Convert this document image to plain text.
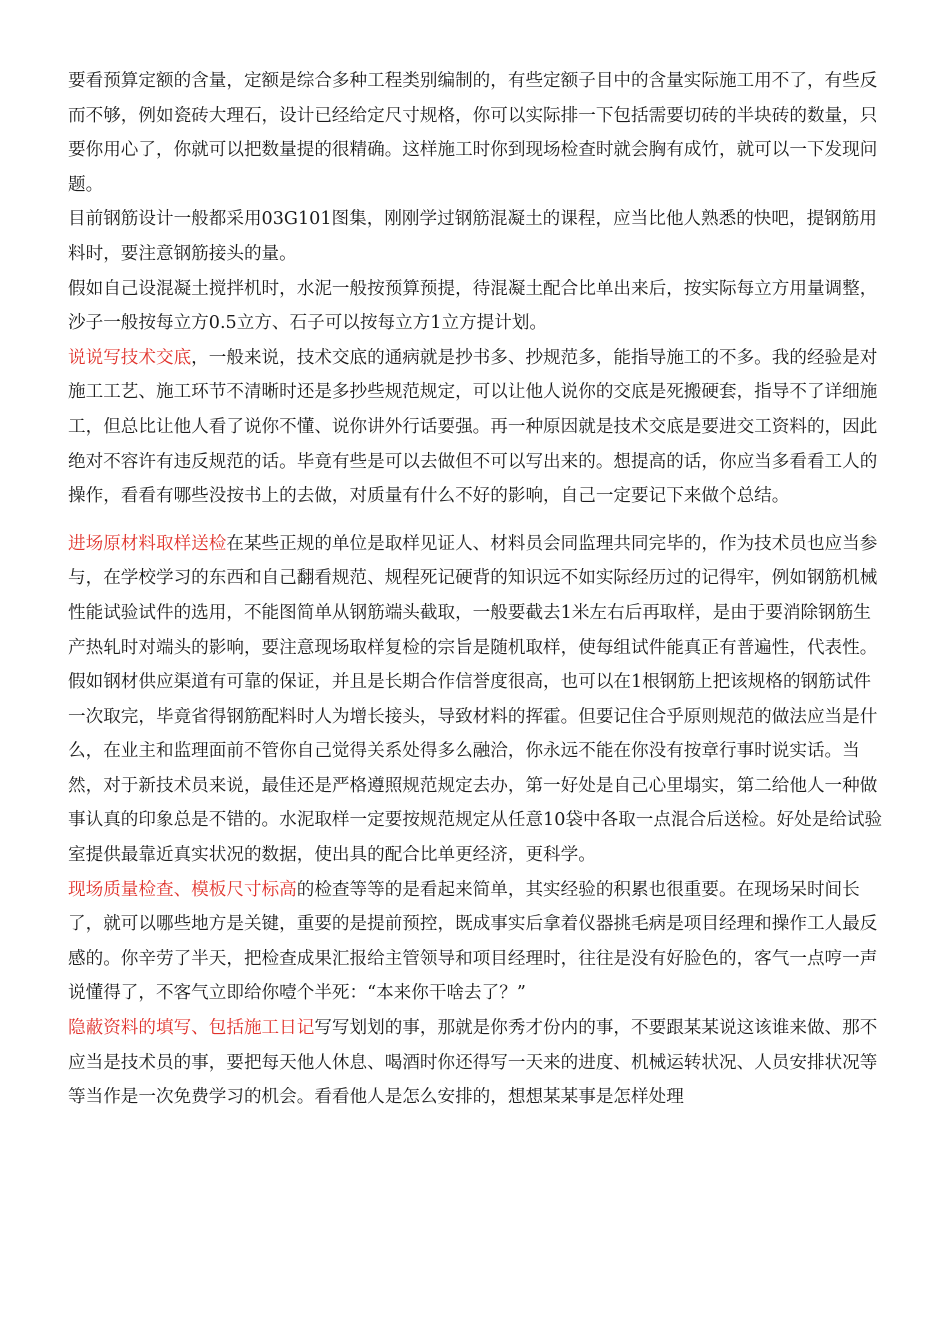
要看预算定额的含量，定额是综合多种工程类别编制的，有些定额子目中的含量实际施工用不了，有些反而不够，例如瓷砖大理石，设计已经给定尺寸规格，你可以实际排一下包括需要切砖的半块砖的数量，只要你用心了，你就可以把数量提的很精确。这样施工时你到现场检查时就会胸有成竹，就可以一下发现问题。

目前钢筋设计一般都采用03G101图集，刚刚学过钢筋混凝土的课程，应当比他人熟悉的快吧，提钢筋用料时，要注意钢筋接头的量。

假如自己设混凝土搅拌机时，水泥一般按预算预提，待混凝土配合比单出来后，按实际每立方用量调整，沙子一般按每立方0.5立方、石子可以按每立方1立方提计划。

说说写技术交底，一般来说，技术交底的通病就是抄书多、抄规范多，能指导施工的不多。我的经验是对施工工艺、施工环节不清晰时还是多抄些规范规定，可以让他人说你的交底是死搬硬套，指导不了详细施工，但总比让他人看了说你不懂、说你讲外行话要强。再一种原因就是技术交底是要进交工资料的，因此绝对不容许有违反规范的话。毕竟有些是可以去做但不可以写出来的。想提高的话，你应当多看看工人的操作，看看有哪些没按书上的去做，对质量有什么不好的影响，自己一定要记下来做个总结。

进场原材料取样送检在某些正规的单位是取样见证人、材料员会同监理共同完毕的，作为技术员也应当参与，在学校学习的东西和自己翻看规范、规程死记硬背的知识远不如实际经历过的记得牢，例如钢筋机械性能试验试件的选用，不能图简单从钢筋端头截取，一般要截去1米左右后再取样，是由于要消除钢筋生产热轧时对端头的影响，要注意现场取样复检的宗旨是随机取样，使每组试件能真正有普遍性，代表性。假如钢材供应渠道有可靠的保证，并且是长期合作信誉度很高，也可以在1根钢筋上把该规格的钢筋试件一次取完，毕竟省得钢筋配料时人为增长接头，导致材料的挥霍。但要记住合乎原则规范的做法应当是什么，在业主和监理面前不管你自己觉得关系处得多么融洽，你永远不能在你没有按章行事时说实话。当然，对于新技术员来说，最佳还是严格遵照规范规定去办，第一好处是自己心里塌实，第二给他人一种做事认真的印象总是不错的。水泥取样一定要按规范规定从任意10袋中各取一点混合后送检。好处是给试验室提供最靠近真实状况的数据，使出具的配合比单更经济，更科学。

现场质量检查、模板尺寸标高的检查等等的是看起来简单，其实经验的积累也很重要。在现场呆时间长了，就可以哪些地方是关键，重要的是提前预控，既成事实后拿着仪器挑毛病是项目经理和操作工人最反感的。你辛劳了半天，把检查成果汇报给主管领导和项目经理时，往往是没有好脸色的，客气一点哼一声说懂得了，不客气立即给你噎个半死：“本来你干啥去了？”

隐蔽资料的填写、包括施工日记写写划划的事，那就是你秀才份内的事，不要跟某某说这该谁来做、那不应当是技术员的事，要把每天他人休息、喝酒时你还得写一天来的进度、机械运转状况、人员安排状况等等当作是一次免费学习的机会。看看他人是怎么安排的，想想某某事是怎样处理
